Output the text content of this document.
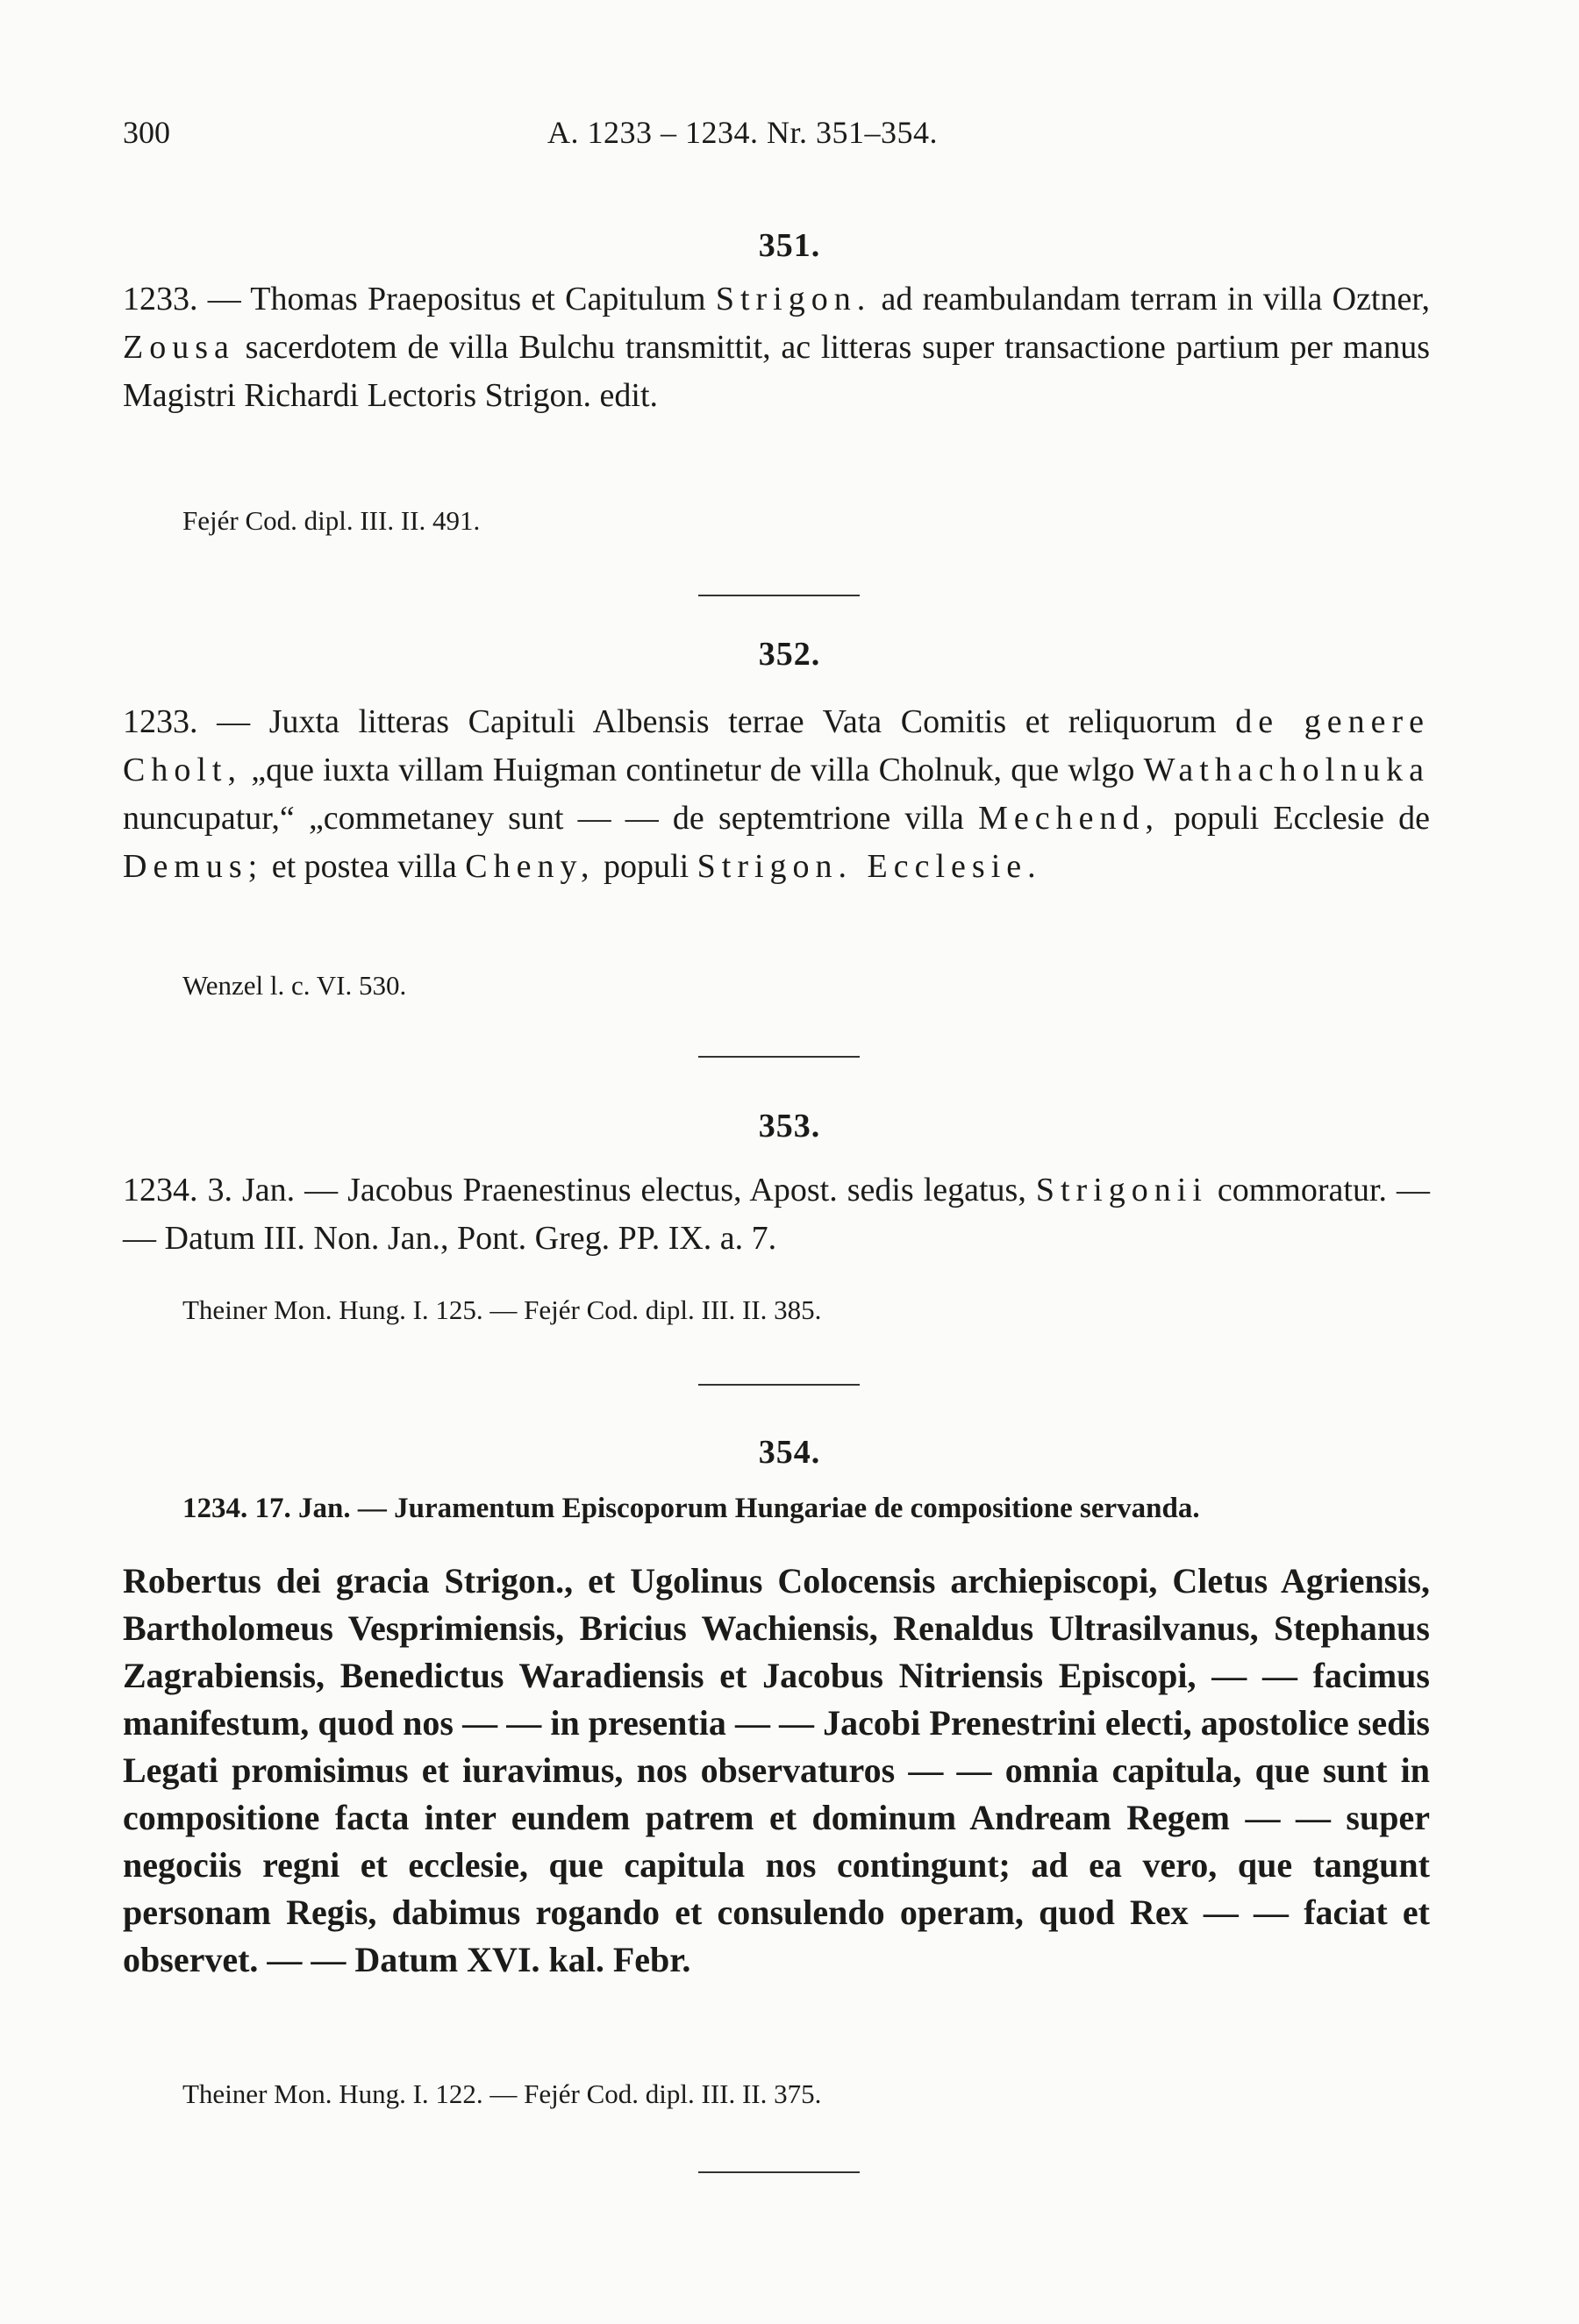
300	A. 1233 – 1234. Nr. 351–354.
351.

1233. — Thomas Praepositus et Capitulum Strigon. ad reambulandam terram in villa Oztner, Zousa sacerdotem de villa Bulchu transmittit, ac litteras super transactione partium per manus Magistri Richardi Lectoris Strigon. edit.

Fejér Cod. dipl. III. II. 491.
352.

1233. — Juxta litteras Capituli Albensis terrae Vata Comitis et reliquorum de genere Cholt, „que iuxta villam Huigman continetur de villa Cholnuk, que wlgo Wathacholnuka nuncupatur,“ „commetaney sunt — — de septemtrione villa Mechend, populi Ecclesie de Demus; et postea villa Cheny, populi Strigon. Ecclesie.

Wenzel l. c. VI. 530.
353.

1234. 3. Jan. — Jacobus Praenestinus electus, Apost. sedis legatus, Strigonii commoratur. — — Datum III. Non. Jan., Pont. Greg. PP. IX. a. 7.

Theiner Mon. Hung. I. 125. — Fejér Cod. dipl. III. II. 385.
354.
1234. 17. Jan. — Juramentum Episcoporum Hungariae de compositione servanda.
Robertus dei gracia Strigon., et Ugolinus Colocensis archiepiscopi, Cletus Agriensis, Bartholomeus Vesprimiensis, Bricius Wachiensis, Renaldus Ultrasilvanus, Stephanus Zagrabiensis, Benedictus Waradiensis et Jacobus Nitriensis Episcopi, — — facimus manifestum, quod nos — — in presentia — — Jacobi Prenestrini electi, apostolice sedis Legati promisimus et iuravimus, nos observaturos — — omnia capitula, que sunt in compositione facta inter eundem patrem et dominum Andream Regem — — super negociis regni et ecclesie, que capitula nos contingunt; ad ea vero, que tangunt personam Regis, dabimus rogando et consulendo operam, quod Rex — — faciat et observet. — — Datum XVI. kal. Febr.
Theiner Mon. Hung. I. 122. — Fejér Cod. dipl. III. II. 375.
